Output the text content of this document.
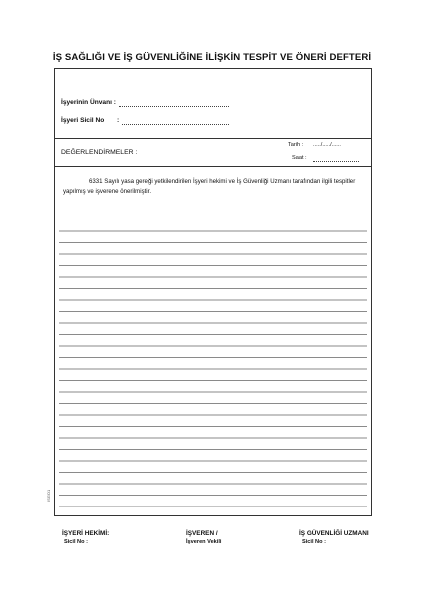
İŞ SAĞLIĞI VE İŞ GÜVENLİĞİNE İLİŞKİN TESPİT VE ÖNERİ DEFTERİ
İşyerinin Ünvanı :
İşyeri Sicil No :
DEĞERLENDİRMELER :
Tarih : ...../...../......
Saat :
6331 Sayılı yasa gereği yetkilendirilen İşyeri hekimi ve İş Güvenliği Uzmanı tarafından ilgili tespitler yapılmış ve işverene önerilmiştir.
ISGO1
İŞYERİ HEKİMİ:
Sicil No :
İŞVEREN /
İşveren Vekili
İŞ GÜVENLİĞİ UZMANI
Sicil No :
